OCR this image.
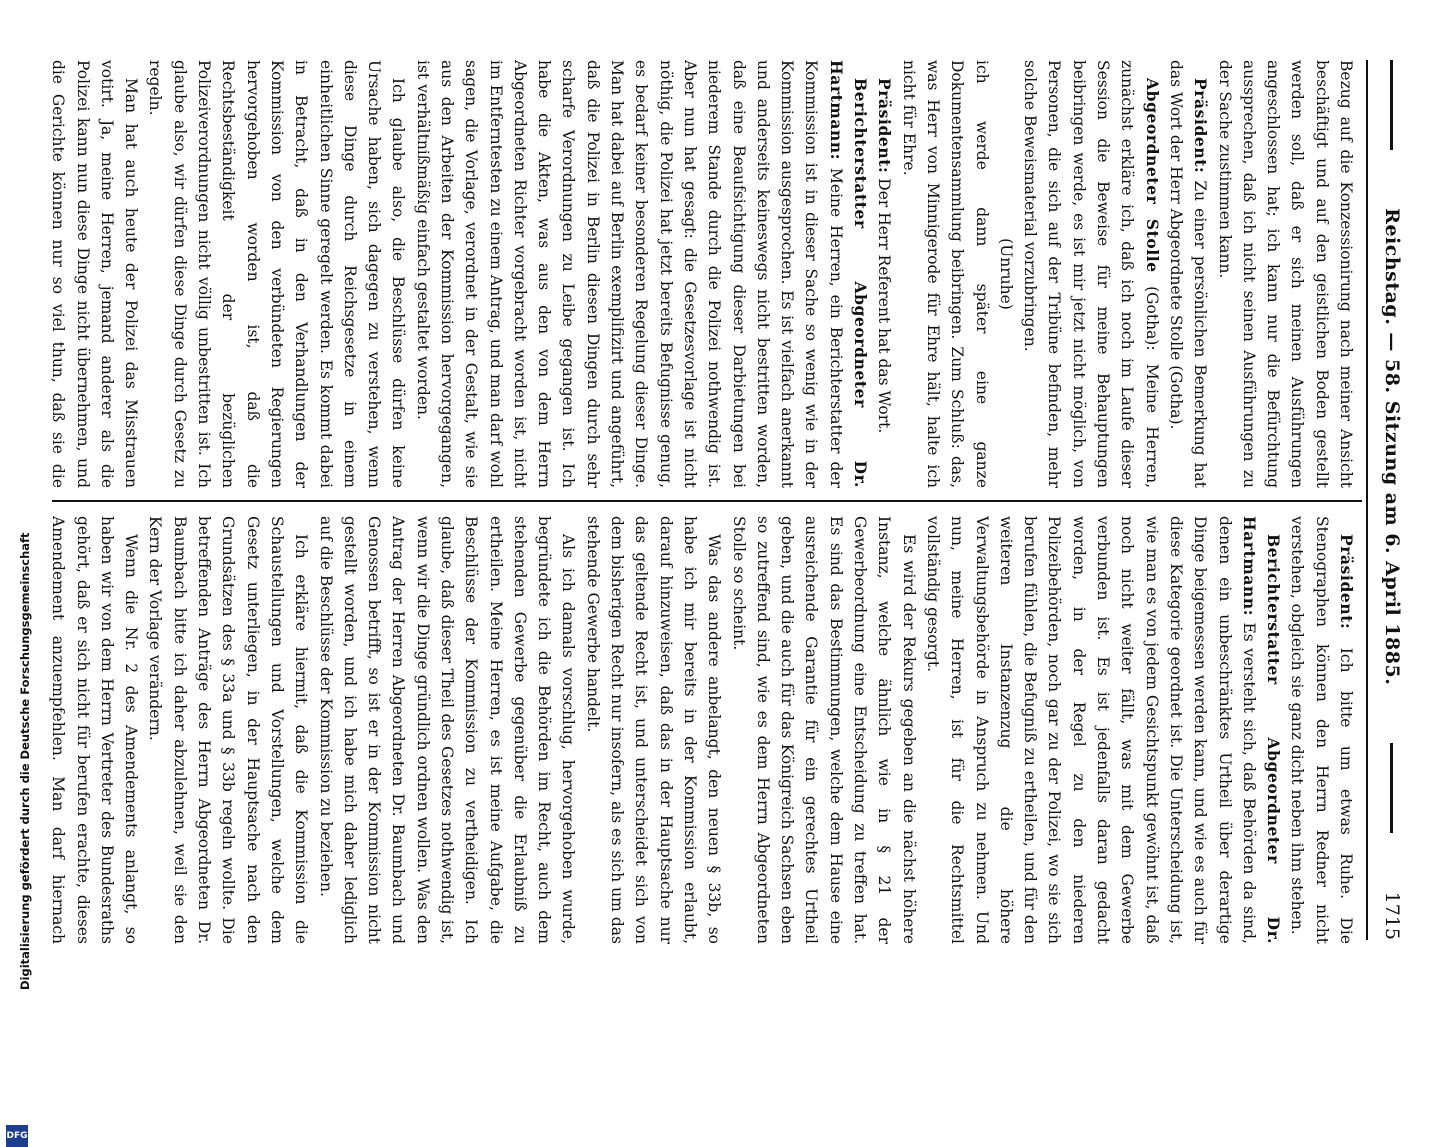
Reichstag. — 58. Sitzung am 6. April 1885.
1715

Bezug auf die Konzessionirung nach meiner Ansicht beschäftigt und auf den geistlichen Boden gestellt werden soll, daß er sich meinen Ausführungen angeschlossen hat; ich kann nur die Befürchtung aussprechen, daß ich nicht seinen Ausführungen zu der Sache zustimmen kann.

Präsident: Zu einer persönlichen Bemerkung hat das Wort der Herr Abgeordnete Stolle (Gotha).

Abgeordneter Stolle (Gotha): Meine Herren, zunächst erkläre ich, daß ich noch im Laufe dieser Session die Beweise für meine Behauptungen beibringen werde, es ist mir jetzt nicht möglich, von Personen, die sich auf der Tribüne befinden, mehr solche Beweismaterial vorzubringen.

(Unruhe)

ich werde dann später eine ganze Dokumentensammlung beibringen. Zum Schluß: das, was Herr von Minnigerode für Ehre hält, halte ich nicht für Ehre.

Präsident: Der Herr Referent hat das Wort.

Berichterstatter Abgeordneter Dr. Hartmann: Meine Herren, ein Berichterstatter der Kommission ist in dieser Sache so wenig wie in der Kommission ausgesprochen. Es ist vielfach anerkannt und anderseits keineswegs nicht bestritten worden, daß eine Beaufsichtigung dieser Darbietungen bei niederem Stande durch die Polizei nothwendig ist. Aber nun hat gesagt: die Gesetzesvorlage ist nicht nöthig, die Polizei hat jetzt bereits Befugnisse genug, es bedarf keiner besonderen Regelung dieser Dinge. Man hat dabei auf Berlin exemplifizirt und angeführt, daß die Polizei in Berlin diesen Dingen durch sehr scharfe Verordnungen zu Leibe gegangen ist. Ich habe die Akten, was aus den von dem Herrn Abgeordneten Richter vorgebracht worden ist, nicht im Entferntesten zu einem Antrag, und man darf wohl sagen, die Vorlage, verordnet in der Gestalt, wie sie aus den Arbeiten der Kommission hervorgegangen, ist verhältnißmäßig einfach gestaltet worden.

Ich glaube also, die Beschlüsse dürfen keine Ursache haben, sich dagegen zu verstehen, wenn diese Dinge durch Reichsgesetze in einem einheitlichen Sinne geregelt werden. Es kommt dabei in Betracht, daß in den Verhandlungen der Kommission von den verbündeten Regierungen hervorgehoben worden ist, daß die Rechtsbeständigkeit der bezüglichen Polizeiverordnungen nicht völlig unbestritten ist. Ich glaube also, wir dürfen diese Dinge durch Gesetz zu regeln.

Man hat auch heute der Polizei das Misstrauen votirt. Ja, meine Herren, jemand anderer als die Polizei kann nun diese Dinge nicht übernehmen, und die Gerichte können nur so viel thun, daß sie die

Präsident: Ich bitte um etwas Ruhe. Die Stenographen können den Herrn Redner nicht verstehen, obgleich sie ganz dicht neben ihm stehen.

Berichterstatter Abgeordneter Dr. Hartmann: Es versteht sich, daß Behörden da sind, denen ein unbeschränktes Urtheil über derartige Dinge beigemessen werden kann, und wie es auch für diese Kategorie geordnet ist. Die Unterscheidung ist, wie man es von jedem Gesichtspunkt gewöhnt ist, daß noch nicht weiter fällt, was mit dem Gewerbe verbunden ist. Es ist jedenfalls daran gedacht worden, in der Regel zu den niederen Polizeibehörden, noch gar zu der Polizei, wo sie sich berufen fühlen, die Befugniß zu ertheilen, und für den weiteren Instanzenzug die höhere Verwaltungsbehörde in Anspruch zu nehmen. Und nun, meine Herren, ist für die Rechtsmittel vollständig gesorgt.

Es wird der Rekurs gegeben an die nächst höhere Instanz, welche ähnlich wie in § 21 der Gewerbeordnung eine Entscheidung zu treffen hat. Es sind das Bestimmungen, welche dem Hause eine ausreichende Garantie für ein gerechtes Urtheil geben, und die auch für das Königreich Sachsen eben so zutreffend sind, wie es dem Herrn Abgeordneten Stolle so scheint.

Was das andere anbelangt, den neuen § 33b, so habe ich mir bereits in der Kommission erlaubt, darauf hinzuweisen, daß das in der Hauptsache nur das geltende Recht ist, und unterscheidet sich von dem bisherigen Recht nur insofern, als es sich um das stehende Gewerbe handelt.

Als ich damals vorschlug, hervorgehoben wurde, begründete ich die Behörden im Recht, auch dem stehenden Gewerbe gegenüber die Erlaubniß zu ertheilen. Meine Herren, es ist meine Aufgabe, die Beschlüsse der Kommission zu vertheidigen. Ich glaube, daß dieser Theil des Gesetzes nothwendig ist, wenn wir die Dinge gründlich ordnen wollen. Was den Antrag der Herren Abgeordneten Dr. Baumbach und Genossen betrifft, so ist er in der Kommission nicht gestellt worden, und ich habe mich daher lediglich auf die Beschlüsse der Kommission zu beziehen.

Ich erkläre hiermit, daß die Kommission die Schaustellungen und Vorstellungen, welche dem Gesetz unterliegen, in der Hauptsache nach den Grundsätzen des § 33a und § 33b regeln wollte. Die betreffenden Anträge des Herrn Abgeordneten Dr. Baumbach bitte ich daher abzulehnen, weil sie den Kern der Vorlage verändern.

Wenn die Nr. 2 des Amendements anlangt, so haben wir von dem Herrn Vertreter des Bundesraths gehört, daß er sich nicht für berufen erachte, dieses Amendement anzuempfehlen. Man darf hiernach

Digitalisierung gefördert durch die Deutsche Forschungsgemeinschaft
DFG
